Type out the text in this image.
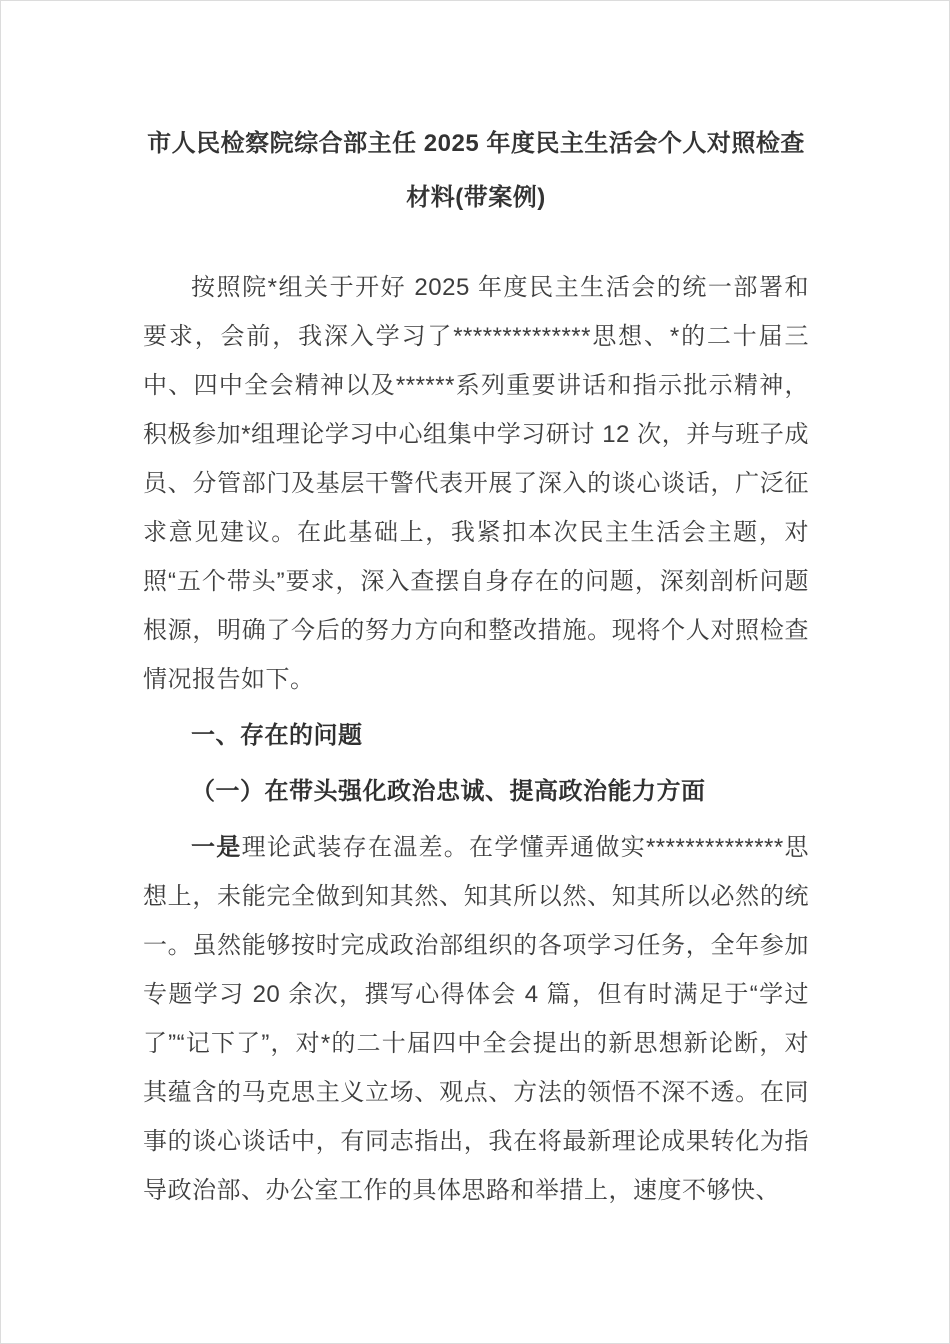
市人民检察院综合部主任 2025 年度民主生活会个人对照检查材料(带案例)

按照院*组关于开好 2025 年度民主生活会的统一部署和要求，会前，我深入学习了**************思想、*的二十届三中、四中全会精神以及******系列重要讲话和指示批示精神，积极参加*组理论学习中心组集中学习研讨 12 次，并与班子成员、分管部门及基层干警代表开展了深入的谈心谈话，广泛征求意见建议。在此基础上，我紧扣本次民主生活会主题，对照“五个带头”要求，深入查摆自身存在的问题，深刻剖析问题根源，明确了今后的努力方向和整改措施。现将个人对照检查情况报告如下。

一、存在的问题
（一）在带头强化政治忠诚、提高政治能力方面

一是理论武装存在温差。在学懂弄通做实**************思想上，未能完全做到知其然、知其所以然、知其所以必然的统一。虽然能够按时完成政治部组织的各项学习任务，全年参加专题学习 20 余次，撰写心得体会 4 篇，但有时满足于“学过了”“记下了”，对*的二十届四中全会提出的新思想新论断，对其蕴含的马克思主义立场、观点、方法的领悟不深不透。在同事的谈心谈话中，有同志指出，我在将最新理论成果转化为指导政治部、办公室工作的具体思路和举措上，速度不够快、
